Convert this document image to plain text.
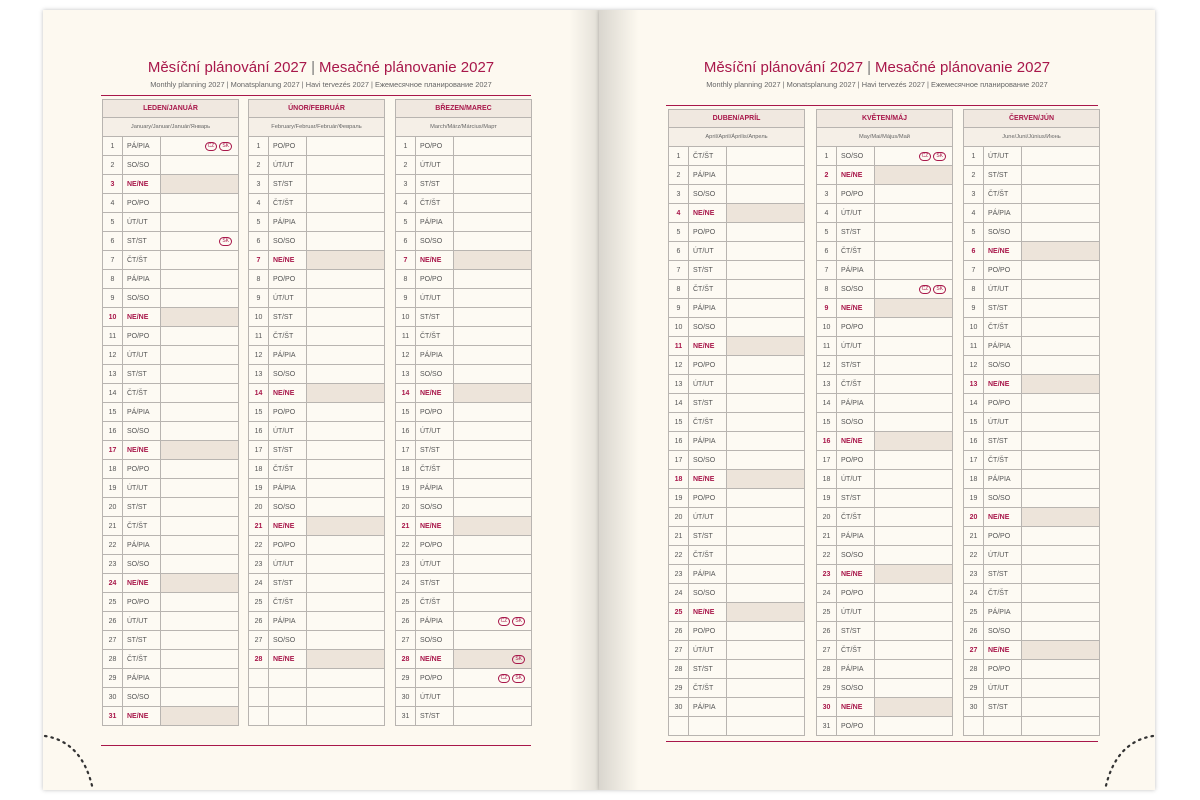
Měsíční plánování 2027 | Mesačné plánovanie 2027
Monthly planning 2027 | Monatsplanung 2027 | Havi tervezés 2027 | Ежемесячное планирование 2027
LEDEN/JANUÁR
January/Januar/Január/Январь
1	PÁ/PIA	CZ	SK
2	SO/SO
3	NE/NE
4	PO/PO
5	ÚT/UT
6	ST/ST	SK
7	ČT/ŠT
8	PÁ/PIA
9	SO/SO
10	NE/NE
11	PO/PO
12	ÚT/UT
13	ST/ST
14	ČT/ŠT
15	PÁ/PIA
16	SO/SO
17	NE/NE
18	PO/PO
19	ÚT/UT
20	ST/ST
21	ČT/ŠT
22	PÁ/PIA
23	SO/SO
24	NE/NE
25	PO/PO
26	ÚT/UT
27	ST/ST
28	ČT/ŠT
29	PÁ/PIA
30	SO/SO
31	NE/NE
ÚNOR/FEBRUÁR
February/Februar/Február/Февраль
1	PO/PO
2	ÚT/UT
3	ST/ST
4	ČT/ŠT
5	PÁ/PIA
6	SO/SO
7	NE/NE
8	PO/PO
9	ÚT/UT
10	ST/ST
11	ČT/ŠT
12	PÁ/PIA
13	SO/SO
14	NE/NE
15	PO/PO
16	ÚT/UT
17	ST/ST
18	ČT/ŠT
19	PÁ/PIA
20	SO/SO
21	NE/NE
22	PO/PO
23	ÚT/UT
24	ST/ST
25	ČT/ŠT
26	PÁ/PIA
27	SO/SO
28	NE/NE
BŘEZEN/MAREC
March/März/Március/Март
1	PO/PO
2	ÚT/UT
3	ST/ST
4	ČT/ŠT
5	PÁ/PIA
6	SO/SO
7	NE/NE
8	PO/PO
9	ÚT/UT
10	ST/ST
11	ČT/ŠT
12	PÁ/PIA
13	SO/SO
14	NE/NE
15	PO/PO
16	ÚT/UT
17	ST/ST
18	ČT/ŠT
19	PÁ/PIA
20	SO/SO
21	NE/NE
22	PO/PO
23	ÚT/UT
24	ST/ST
25	ČT/ŠT
26	PÁ/PIA	CZ	SK
27	SO/SO
28	NE/NE	SK
29	PO/PO	CZ	SK
30	ÚT/UT
31	ST/ST
Měsíční plánování 2027 | Mesačné plánovanie 2027
Monthly planning 2027 | Monatsplanung 2027 | Havi tervezés 2027 | Ежемесячное планирование 2027
DUBEN/APRÍL
April/April/Április/Апрель
1	ČT/ŠT
2	PÁ/PIA
3	SO/SO
4	NE/NE
5	PO/PO
6	ÚT/UT
7	ST/ST
8	ČT/ŠT
9	PÁ/PIA
10	SO/SO
11	NE/NE
12	PO/PO
13	ÚT/UT
14	ST/ST
15	ČT/ŠT
16	PÁ/PIA
17	SO/SO
18	NE/NE
19	PO/PO
20	ÚT/UT
21	ST/ST
22	ČT/ŠT
23	PÁ/PIA
24	SO/SO
25	NE/NE
26	PO/PO
27	ÚT/UT
28	ST/ST
29	ČT/ŠT
30	PÁ/PIA
KVĚTEN/MÁJ
May/Mai/Május/Май
1	SO/SO	CZ	SK
2	NE/NE
3	PO/PO
4	ÚT/UT
5	ST/ST
6	ČT/ŠT
7	PÁ/PIA
8	SO/SO	CZ	SK
9	NE/NE
10	PO/PO
11	ÚT/UT
12	ST/ST
13	ČT/ŠT
14	PÁ/PIA
15	SO/SO
16	NE/NE
17	PO/PO
18	ÚT/UT
19	ST/ST
20	ČT/ŠT
21	PÁ/PIA
22	SO/SO
23	NE/NE
24	PO/PO
25	ÚT/UT
26	ST/ST
27	ČT/ŠT
28	PÁ/PIA
29	SO/SO
30	NE/NE
31	PO/PO
ČERVEN/JÚN
June/Juni/Június/Июнь
1	ÚT/UT
2	ST/ST
3	ČT/ŠT
4	PÁ/PIA
5	SO/SO
6	NE/NE
7	PO/PO
8	ÚT/UT
9	ST/ST
10	ČT/ŠT
11	PÁ/PIA
12	SO/SO
13	NE/NE
14	PO/PO
15	ÚT/UT
16	ST/ST
17	ČT/ŠT
18	PÁ/PIA
19	SO/SO
20	NE/NE
21	PO/PO
22	ÚT/UT
23	ST/ST
24	ČT/ŠT
25	PÁ/PIA
26	SO/SO
27	NE/NE
28	PO/PO
29	ÚT/UT
30	ST/ST
